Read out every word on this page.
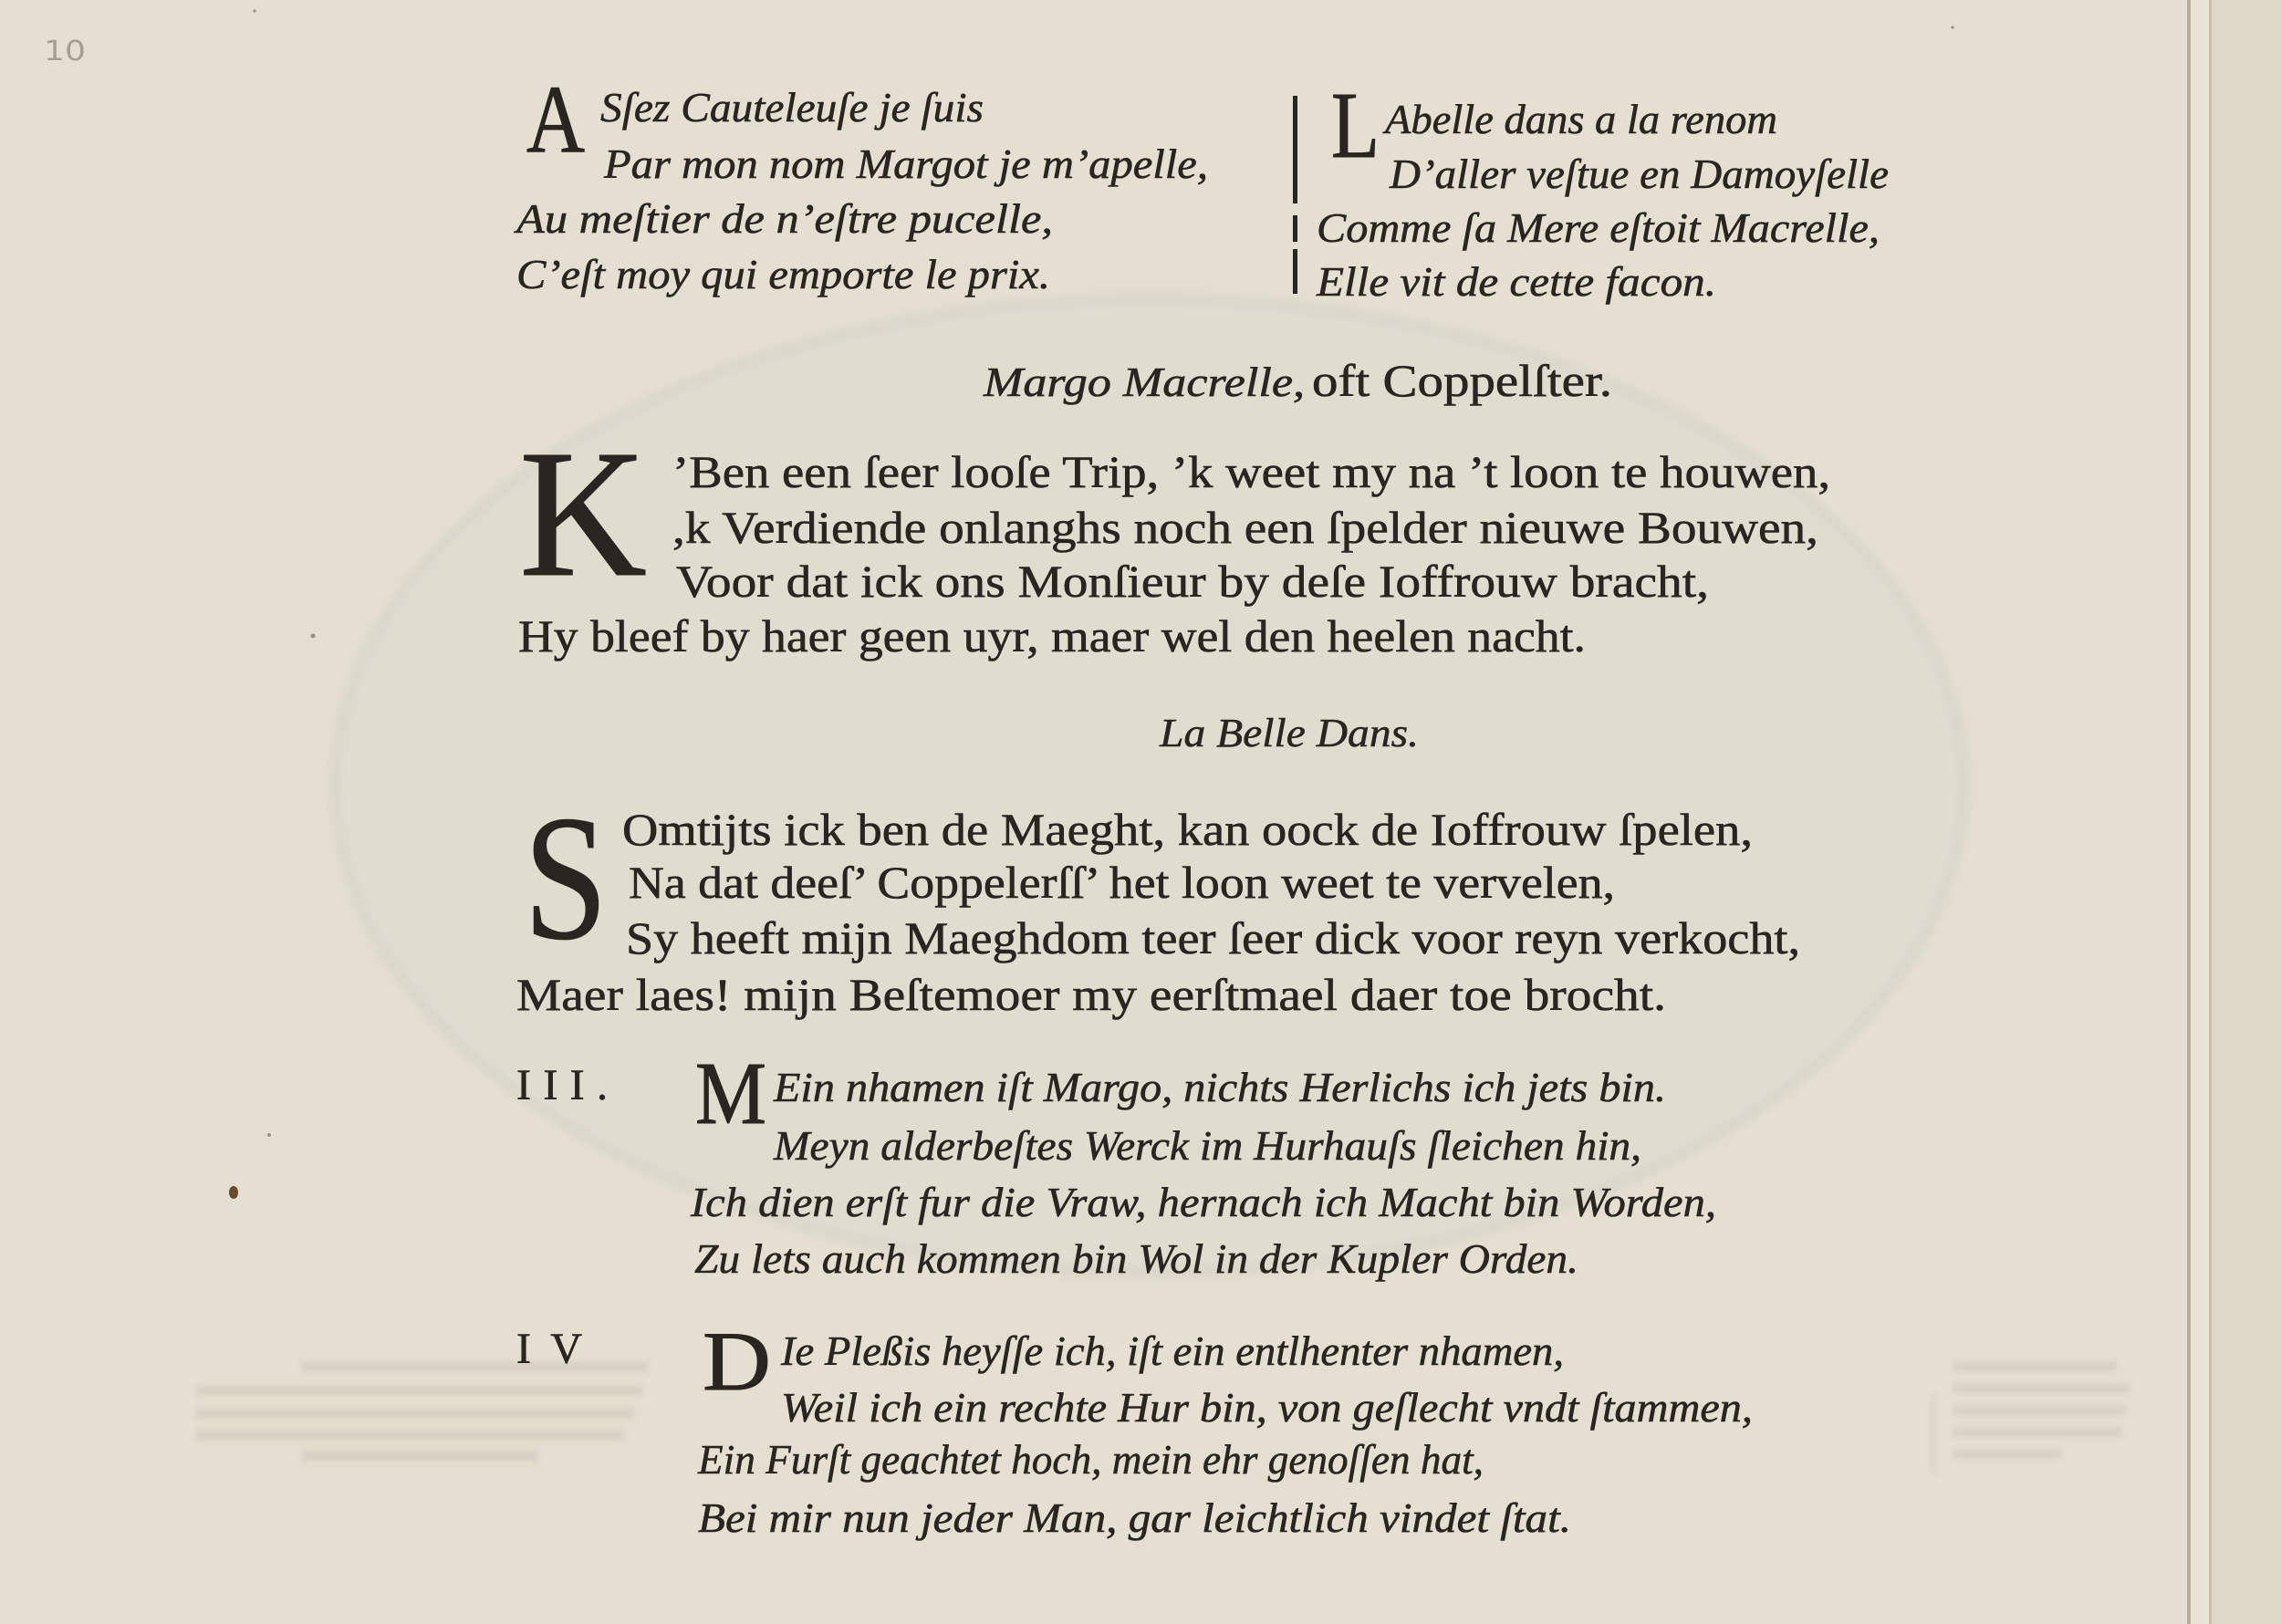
10
A Sſez Cauteleuſe je ſuis
Par mon nom Margot je m’apelle,
Au meſtier de n’eſtre pucelle,
C’eſt moy qui emporte le prix.
L Abelle dans a la renom
D’aller veſtue en Damoyſelle
Comme ſa Mere eſtoit Macrelle,
Elle vit de cette facon.
Margo Macrelle, oft Coppelſter.
K ’Ben een ſeer looſe Trip, ’k weet my na ’t loon te houwen,
,k Verdiende onlanghs noch een ſpelder nieuwe Bouwen,
Voor dat ick ons Monſieur by deſe Ioffrouw bracht,
Hy bleef by haer geen uyr, maer wel den heelen nacht.
La Belle Dans.
S Omtijts ick ben de Maeght, kan oock de Ioffrouw ſpelen,
Na dat deeſ’ Coppelerſſ’ het loon weet te vervelen,
Sy heeft mijn Maeghdom teer ſeer dick voor reyn verkocht,
Maer laes! mijn Beſtemoer my eerſtmael daer toe brocht.
III. M Ein nhamen iſt Margo, nichts Herlichs ich jets bin.
Meyn alderbeſtes Werck im Hurhauſs ſleichen hin,
Ich dien erſt fur die Vraw, hernach ich Macht bin Worden,
Zu lets auch kommen bin Wol in der Kupler Orden.
IV D Ie Pleßis heyſſe ich, iſt ein entlhenter nhamen,
Weil ich ein rechte Hur bin, von geſlecht vndt ſtammen,
Ein Furſt geachtet hoch, mein ehr genoſſen hat,
Bei mir nun jeder Man, gar leichtlich vindet ſtat.
